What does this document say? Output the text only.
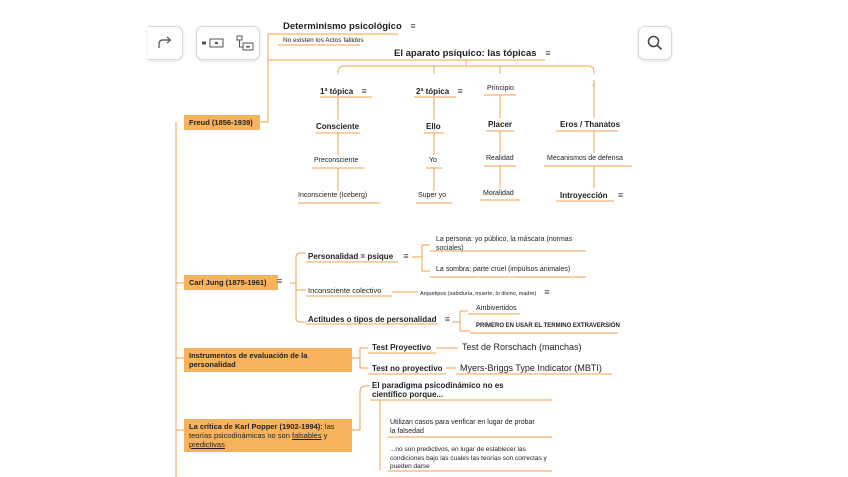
Determinismo psicológico ≡
No existen los Actos fallidos
El aparato psíquico: las tópicas ≡
Freud (1856-1939)
1ª tópica ≡
Consciente
Preconsciente
Inconsciente (Iceberg)
2ª tópica ≡
Ello
Yo
Super yo
Principio
Placer
Realidad
Moralidad
·
Eros / Thanatos
Mecanismos de defensa
Introyección ≡
Carl Jung (1875-1961)	≡
Personalidad = psique ≡
La persona: yo público, la máscara (normas sociales)
La sombra: parte cruel (impulsos animales)
Inconsciente colectivo	Arquetipos (sabiduría, muerte, lo divino, madre) ≡
Actitudes o tipos de personalidad ≡
Ambivertidos
PRIMERO EN USAR EL TERMINO EXTRAVERSIÓN
Instrumentos de evaluación de la personalidad
Test Proyectivo	Test de Rorschach (manchas)
Test no proyectivo Myers-Briggs Type Indicator (MBTI)
La crítica de Karl Popper (1902-1994): las
teorías psicodinámicas no son falsables y predictivas
El paradigma psicodinámico no es científico porque...
Utilizan casos para verificar en lugar de probar la falsedad
...no son predictivos, en lugar de establecer las condiciones bajo las cuales las teorías son correctas y pueden darse
